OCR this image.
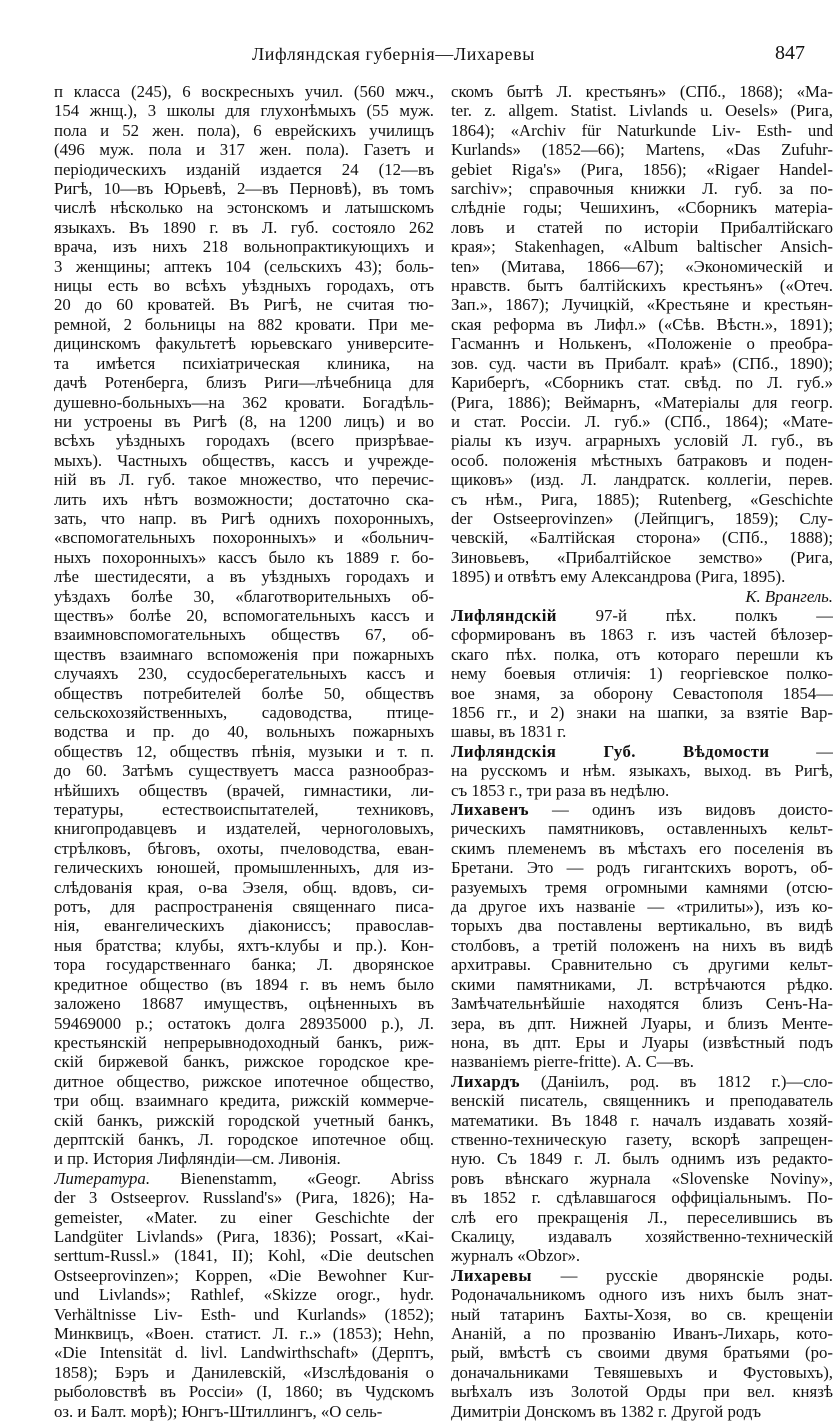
Лифляндская губернія—Лихаревы	847
п класса (245), 6 воскресныхъ учил. (560 мжч.,
154 жнщ.), 3 школы для глухонѣмыхъ (55 муж.
пола и 52 жен. пола), 6 еврейскихъ училищъ
(496 муж. пола и 317 жен. пола). Газетъ и
періодическихъ изданій издается 24 (12—въ
Ригѣ, 10—въ Юрьевѣ, 2—въ Перновѣ), въ томъ
числѣ нѣсколько на эстонскомъ и латышскомъ
языкахъ. Въ 1890 г. въ Л. губ. состояло 262
врача, изъ нихъ 218 вольнопрактикующихъ и
3 женщины; аптекъ 104 (сельскихъ 43); боль-
ницы есть во всѣхъ уѣздныхъ городахъ, отъ
20 до 60 кроватей. Въ Ригѣ, не считая тю-
ремной, 2 больницы на 882 кровати. При ме-
дицинскомъ факультетѣ юрьевскаго университе-
та имѣется психіатрическая клиника, на
дачѣ Ротенберга, близъ Риги—лѣчебница для
душевно-больныхъ—на 362 кровати. Богадѣль-
ни устроены въ Ригѣ (8, на 1200 лицъ) и во
всѣхъ уѣздныхъ городахъ (всего призрѣвае-
мыхъ). Частныхъ обществъ, кассъ и учрежде-
ній въ Л. губ. такое множество, что перечис-
лить ихъ нѣтъ возможности; достаточно ска-
зать, что напр. въ Ригѣ однихъ похоронныхъ,
«вспомогательныхъ похоронныхъ» и «больнич-
ныхъ похоронныхъ» кассъ было къ 1889 г. бо-
лѣе шестидесяти, а въ уѣздныхъ городахъ и
уѣздахъ болѣе 30, «благотворительныхъ об-
ществъ» болѣе 20, вспомогательныхъ кассъ и
взаимновспомогательныхъ обществъ 67, об-
ществъ взаимнаго вспоможенія при пожарныхъ
случаяхъ 230, ссудосберегательныхъ кассъ и
обществъ потребителей болѣе 50, обществъ
сельскохозяйственныхъ, садоводства, птице-
водства и пр. до 40, вольныхъ пожарныхъ
обществъ 12, обществъ пѣнія, музыки и т. п.
до 60. Затѣмъ существуетъ масса разнообраз-
нѣйшихъ обществъ (врачей, гимнастики, ли-
тературы, естествоиспытателей, техниковъ,
книгопродавцевъ и издателей, черноголовыхъ,
стрѣлковъ, бѣговъ, охоты, пчеловодства, еван-
гелическихъ юношей, промышленныхъ, для из-
слѣдованія края, о-ва Эзеля, общ. вдовъ, си-
ротъ, для распространенія священнаго писа-
нія, евангелическихъ діакониссъ; православ-
ныя братства; клубы, яхтъ-клубы и пр.). Кон-
тора государственнаго банка; Л. дворянское
кредитное общество (въ 1894 г. въ немъ было
заложено 18687 имуществъ, оцѣненныхъ въ
59469000 р.; остатокъ долга 28935000 р.), Л.
крестьянскій непрерывнодоходный банкъ, риж-
скій биржевой банкъ, рижское городское кре-
дитное общество, рижское ипотечное общество,
три общ. взаимнаго кредита, рижскій коммерче-
скій банкъ, рижскій городской учетный банкъ,
дерптскій банкъ, Л. городское ипотечное общ.
и пр. История Лифляндіи—см. Ливонія.
Литература. Bienenstamm, «Geogr. Abriss
der 3 Ostseeprov. Russland's» (Рига, 1826); Ha-
gemeister, «Mater. zu einer Geschichte der
Landgüter Livlands» (Рига, 1836); Possart, «Kai-
serttum-Russl.» (1841, II); Kohl, «Die deutschen
Ostseeprovinzen»; Koppen, «Die Bewohner Kur-
und Livlands»; Rathlef, «Skizze orogr., hydr.
Verhältnisse Liv- Esth- und Kurlands» (1852);
Минквицъ, «Воен. статист. Л. г..» (1853); Hehn,
«Die Intensität d. livl. Landwirthschaft» (Дерптъ,
1858); Бэръ и Данилевскій, «Изслѣдованія о
рыболовствѣ въ Россіи» (I, 1860; въ Чудскомъ
оз. и Балт. морѣ); Юнгъ-Штиллингъ, «О сель-
скомъ бытѣ Л. крестьянъ» (СПб., 1868); «Ma-
ter. z. allgem. Statist. Livlands u. Oesels» (Рига,
1864); «Archiv für Naturkunde Liv- Esth- und
Kurlands» (1852—66); Martens, «Das Zufuhr-
gebiet Riga's» (Рига, 1856); «Rigaer Handel-
sarchiv»; справочныя книжки Л. губ. за по-
слѣдніе годы; Чешихинъ, «Сборникъ матеріа-
ловъ и статей по исторіи Прибалтійскаго
края»; Stakenhagen, «Album baltischer Ansich-
ten» (Митава, 1866—67); «Экономическій и
нравств. бытъ балтійскихъ крестьянъ» («Отеч.
Зап.», 1867); Лучицкій, «Крестьяне и крестьян-
ская реформа въ Лифл.» («Сѣв. Вѣстн.», 1891);
Гасманнъ и Нолькенъ, «Положеніе о преобра-
зов. суд. части въ Прибалт. краѣ» (СПб., 1890);
Кариберґъ, «Сборникъ стат. свѣд. по Л. губ.»
(Рига, 1886); Веймарнъ, «Матеріалы для геогр.
и стат. Россіи. Л. губ.» (СПб., 1864); «Мате-
ріалы къ изуч. аграрныхъ условій Л. губ., въ
особ. положенія мѣстныхъ батраковъ и поден-
щиковъ» (изд. Л. ландратск. коллегіи, перев.
съ нѣм., Рига, 1885); Rutenberg, «Geschichte
der Ostseeprovinzen» (Лейпцигъ, 1859); Слу-
чевскій, «Балтійская сторона» (СПб., 1888);
Зиновьевъ, «Прибалтійское земство» (Рига,
1895) и отвѣтъ ему Александрова (Рига, 1895).
К. Врангель.
Лифляндскій 97-й пѣх. полкъ —
сформированъ въ 1863 г. изъ частей бѣлозер-
скаго пѣх. полка, отъ котораго перешли къ
нему боевыя отличія: 1) георгіевское полко-
вое знамя, за оборону Севастополя 1854—
1856 гг., и 2) знаки на шапки, за взятіе Вар-
шавы, въ 1831 г.
Лифляндскія Губ. Вѣдомости —
на русскомъ и нѣм. языкахъ, выход. въ Ригѣ,
съ 1853 г., три раза въ недѣлю.
Лихавенъ — одинъ изъ видовъ доисто-
рическихъ памятниковъ, оставленныхъ кельт-
скимъ племенемъ въ мѣстахъ его поселенія въ
Бретани. Это — родъ гигантскихъ воротъ, об-
разуемыхъ тремя огромными камнями (отсю-
да другое ихъ названіе — «трилиты»), изъ ко-
торыхъ два поставлены вертикально, въ видѣ
столбовъ, а третій положенъ на нихъ въ видѣ
архитравы. Сравнительно съ другими кельт-
скими памятниками, Л. встрѣчаются рѣдко.
Замѣчательнѣйшіе находятся близъ Сенъ-На-
зера, въ дпт. Нижней Луары, и близъ Менте-
нона, въ дпт. Еры и Луары (извѣстный подъ
названіемъ pierre-fritte). А. С—въ.
Лихардъ (Даніилъ, род. въ 1812 г.)—сло-
венскій писатель, священникъ и преподаватель
математики. Въ 1848 г. началъ издавать хозяй-
ственно-техническую газету, вскорѣ запрещен-
ную. Съ 1849 г. Л. былъ однимъ изъ редакто-
ровъ вѣнскаго журнала «Slovenske Noviny»,
въ 1852 г. сдѣлавшагося оффиціальнымъ. По-
слѣ его прекращенія Л., переселившись въ
Скалицу, издавалъ хозяйственно-техническій
журналъ «Obzor».
Лихаревы — русскіе дворянскіе роды.
Родоначальникомъ одного изъ нихъ былъ знат-
ный татаринъ Бахты-Хозя, во св. крещеніи
Ананій, а по прозванію Иванъ-Лихарь, кото-
рый, вмѣстѣ съ своими двумя братьями (ро-
доначальниками Тевяшевыхъ и Фустовыхъ),
выѣхалъ изъ Золотой Орды при вел. князѣ
Димитріи Донскомъ въ 1382 г. Другой родъ
